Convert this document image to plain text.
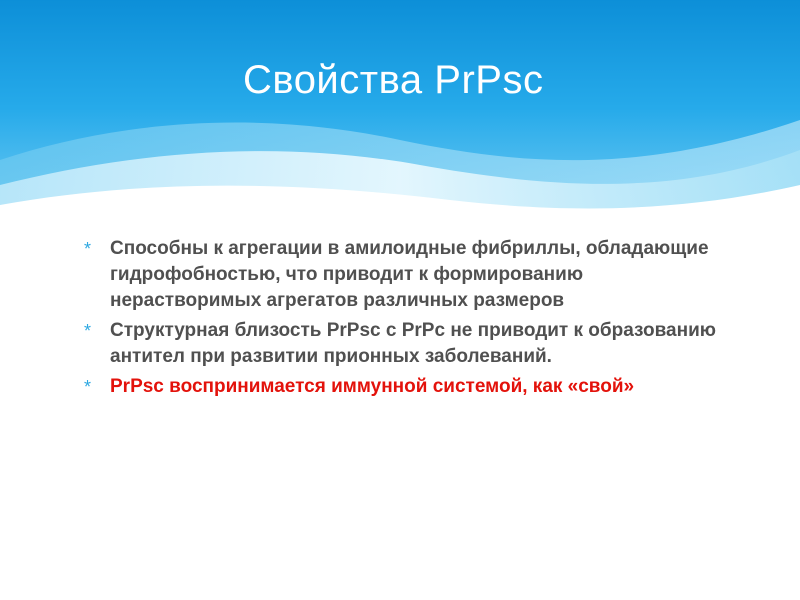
Свойства PrPsc
* Способны к агрегации в амилоидные фибриллы, обладающие гидрофобностью, что приводит к формированию нерастворимых агрегатов различных размеров
* Структурная близость PrPsc с PrPc не приводит к образованию антител при развитии прионных заболеваний.
* PrPsc воспринимается иммунной системой, как «свой»
